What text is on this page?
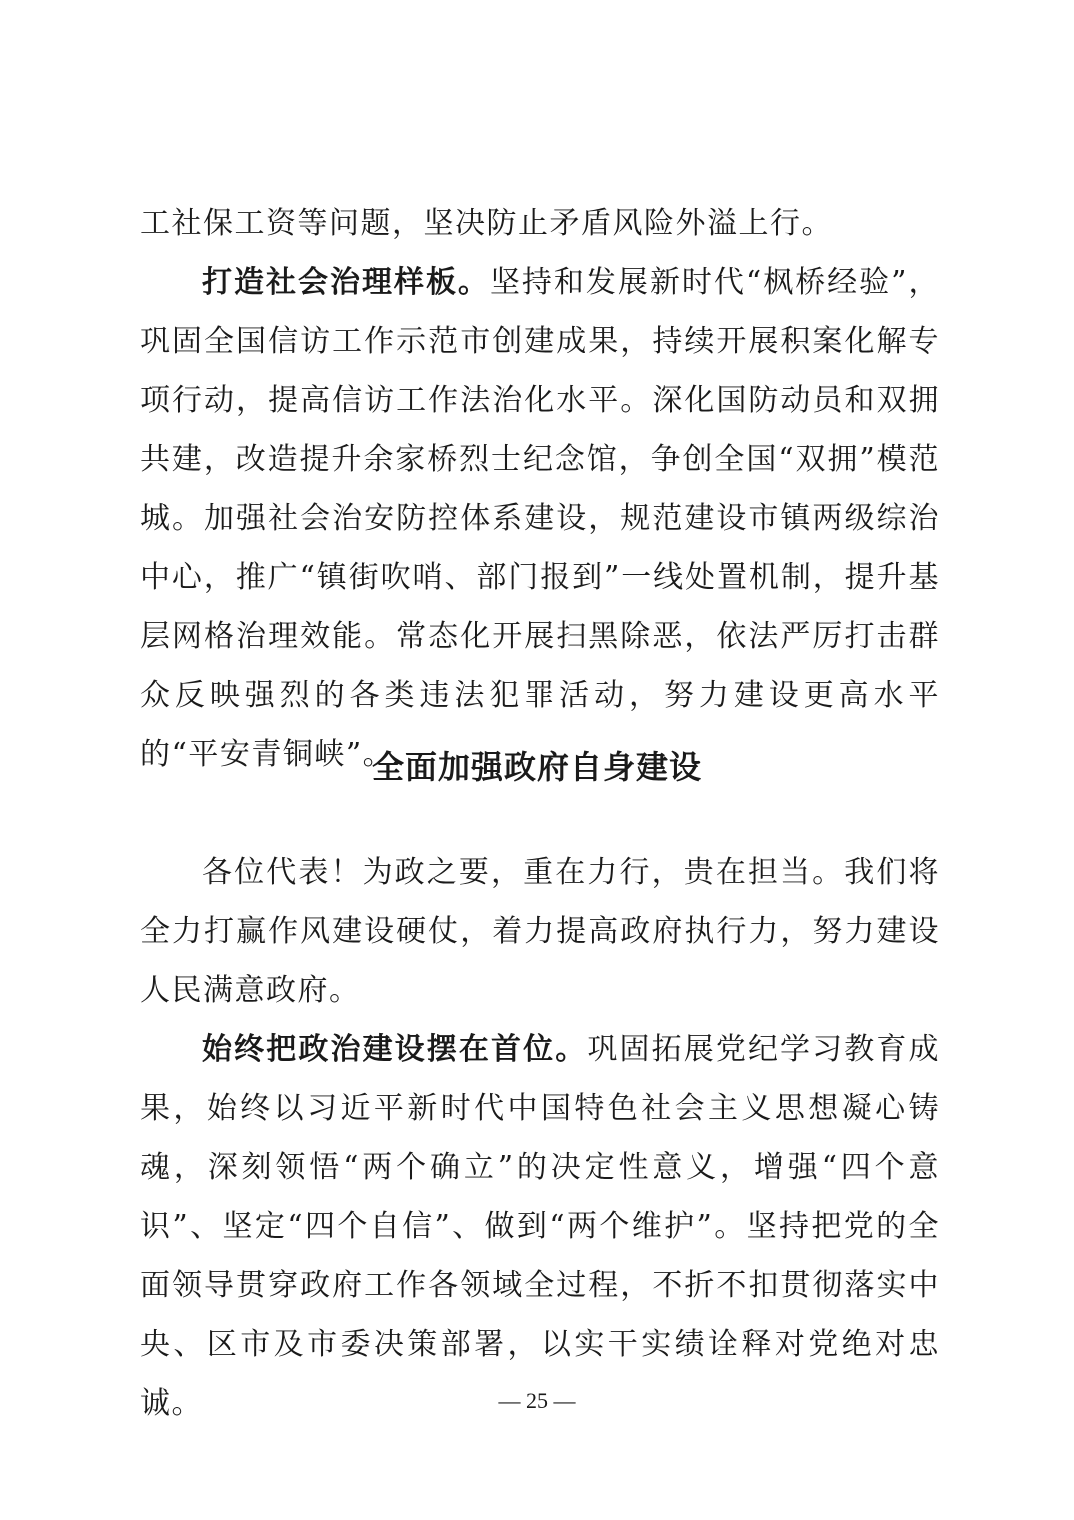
工社保工资等问题，坚决防止矛盾风险外溢上行。

打造社会治理样板。坚持和发展新时代“枫桥经验”，巩固全国信访工作示范市创建成果，持续开展积案化解专项行动，提高信访工作法治化水平。深化国防动员和双拥共建，改造提升余家桥烈士纪念馆，争创全国“双拥”模范城。加强社会治安防控体系建设，规范建设市镇两级综治中心，推广“镇街吹哨、部门报到”一线处置机制，提升基层网格治理效能。常态化开展扫黑除恶，依法严厉打击群众反映强烈的各类违法犯罪活动，努力建设更高水平的“平安青铜峡”。

全面加强政府自身建设

各位代表！为政之要，重在力行，贵在担当。我们将全力打赢作风建设硬仗，着力提高政府执行力，努力建设人民满意政府。

始终把政治建设摆在首位。巩固拓展党纪学习教育成果，始终以习近平新时代中国特色社会主义思想凝心铸魂，深刻领悟“两个确立”的决定性意义，增强“四个意识”、坚定“四个自信”、做到“两个维护”。坚持把党的全面领导贯穿政府工作各领域全过程，不折不扣贯彻落实中央、区市及市委决策部署，以实干实绩诠释对党绝对忠诚。	— 25 —
